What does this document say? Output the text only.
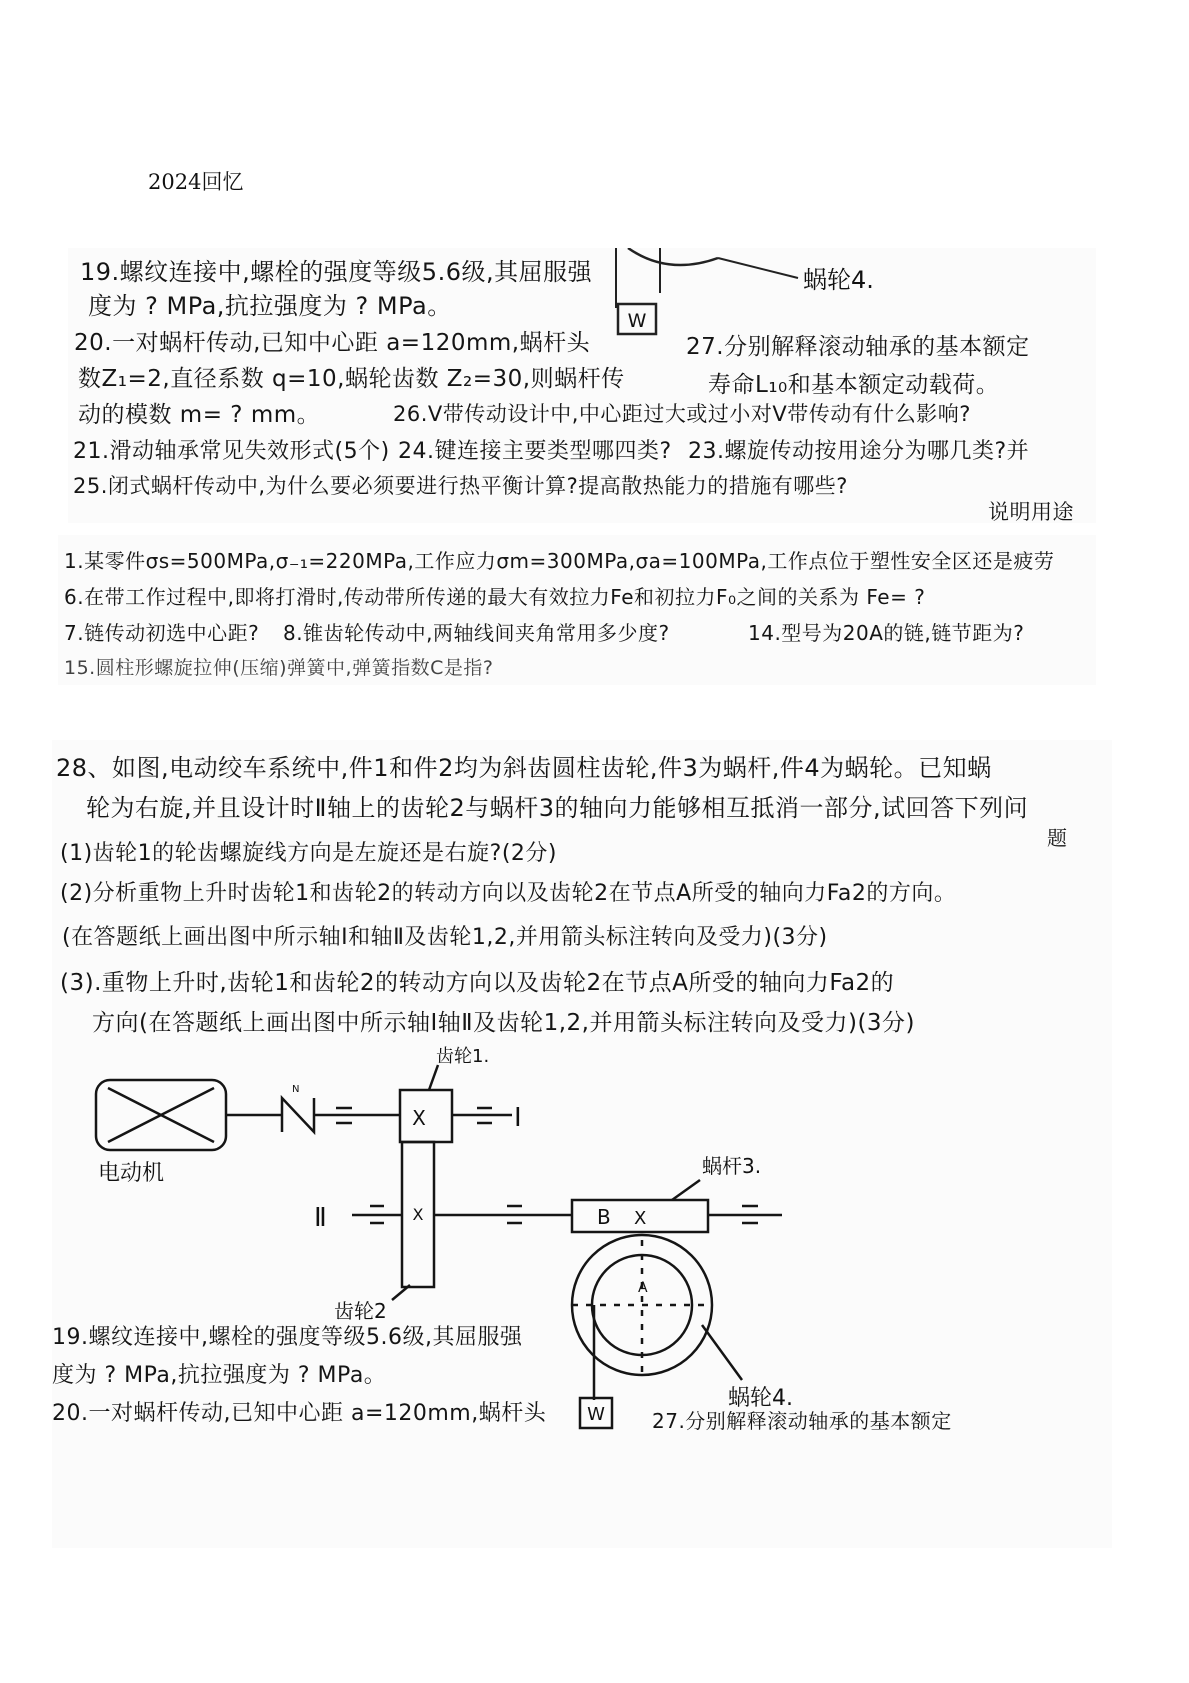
2024回忆
W
蜗轮4.
19.螺纹连接中,螺栓的强度等级5.6级,其屈服强
度为 ? MPa,抗拉强度为 ? MPa。
20.一对蜗杆传动,已知中心距 a=120mm,蜗杆头
数Z₁=2,直径系数 q=10,蜗轮齿数 Z₂=30,则蜗杆传
动的模数 m= ? mm。
21.滑动轴承常见失效形式(5个) 24.键连接主要类型哪四类? 23.螺旋传动按用途分为哪几类?并
25.闭式蜗杆传动中,为什么要必须要进行热平衡计算?提高散热能力的措施有哪些?
说明用途
27.分别解释滚动轴承的基本额定
寿命L₁₀和基本额定动载荷。
26.V带传动设计中,中心距过大或过小对V带传动有什么影响?
1.某零件σs=500MPa,σ₋₁=220MPa,工作应力σm=300MPa,σa=100MPa,工作点位于塑性安全区还是疲劳
6.在带工作过程中,即将打滑时,传动带所传递的最大有效拉力Fe和初拉力F₀之间的关系为 Fe= ?
7.链传动初选中心距? 8.锥齿轮传动中,两轴线间夹角常用多少度?	14.型号为20A的链,链节距为?
15.圆柱形螺旋拉伸(压缩)弹簧中,弹簧指数C是指?
28、如图,电动绞车系统中,件1和件2均为斜齿圆柱齿轮,件3为蜗杆,件4为蜗轮。已知蜗
轮为右旋,并且设计时Ⅱ轴上的齿轮2与蜗杆3的轴向力能够相互抵消一部分,试回答下列问
题
(1)齿轮1的轮齿螺旋线方向是左旋还是右旋?(2分)
(2)分析重物上升时齿轮1和齿轮2的转动方向以及齿轮2在节点A所受的轴向力Fa2的方向。
(在答题纸上画出图中所示轴Ⅰ和轴Ⅱ及齿轮1,2,并用箭头标注转向及受力)(3分)
(3).重物上升时,齿轮1和齿轮2的转动方向以及齿轮2在节点A所受的轴向力Fa2的
方向(在答题纸上画出图中所示轴Ⅰ轴Ⅱ及齿轮1,2,并用箭头标注转向及受力)(3分)
齿轮1.
X
N
Ⅰ
电动机
Ⅱ	X
齿轮2
B X
蜗杆3.
A
W
蜗轮4.
19.螺纹连接中,螺栓的强度等级5.6级,其屈服强
度为 ? MPa,抗拉强度为 ? MPa。
20.一对蜗杆传动,已知中心距 a=120mm,蜗杆头	27.分别解释滚动轴承的基本额定
